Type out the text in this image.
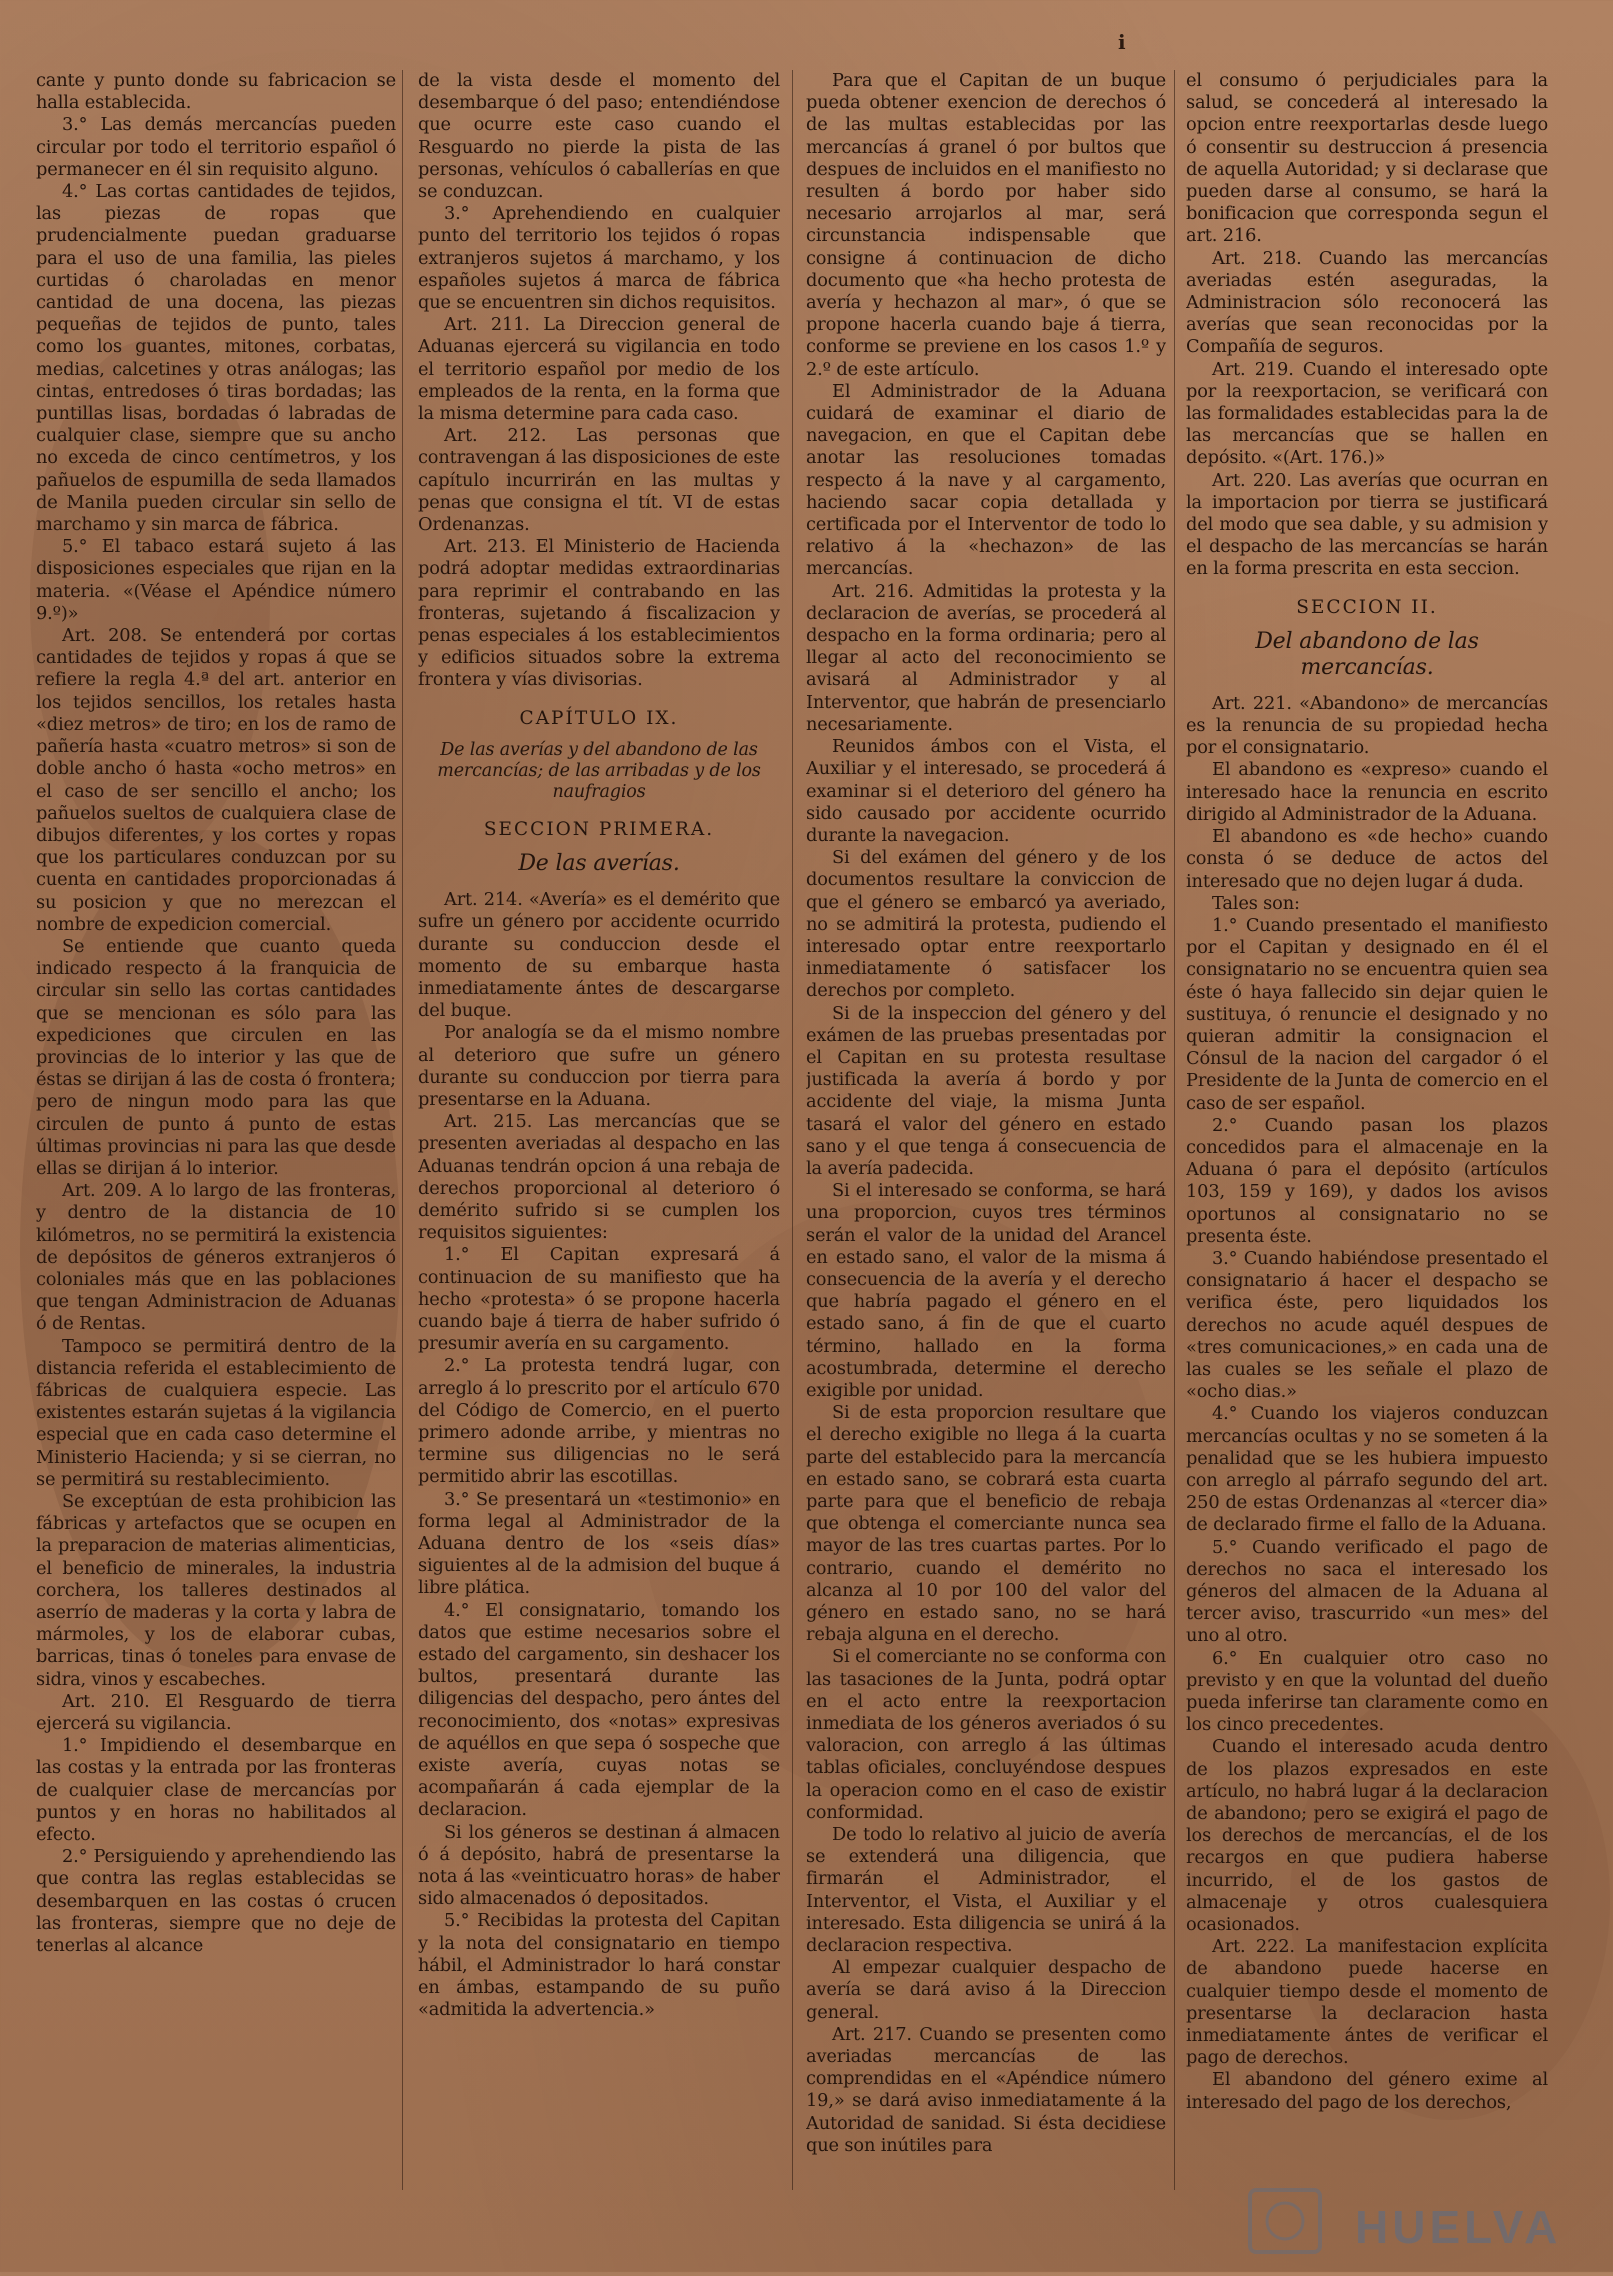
i

cante y punto donde su fabricacion se halla establecida.

3.° Las demás mercancías pueden circular por todo el territorio español ó permanecer en él sin requisito alguno.

4.° Las cortas cantidades de tejidos, las piezas de ropas que prudencialmente puedan graduarse para el uso de una familia, las pieles curtidas ó charoladas en menor cantidad de una docena, las piezas pequeñas de tejidos de punto, tales como los guantes, mitones, corbatas, medias, calcetines y otras análogas; las cintas, entredoses ó tiras bordadas; las puntillas lisas, bordadas ó labradas de cualquier clase, siempre que su ancho no exceda de cinco centímetros, y los pañuelos de espumilla de seda llamados de Manila pueden circular sin sello de marchamo y sin marca de fábrica.

5.° El tabaco estará sujeto á las disposiciones especiales que rijan en la materia. «(Véase el Apéndice número 9.º)»

Art. 208. Se entenderá por cortas cantidades de tejidos y ropas á que se refiere la regla 4.ª del art. anterior en los tejidos sencillos, los retales hasta «diez metros» de tiro; en los de ramo de pañería hasta «cuatro metros» si son de doble ancho ó hasta «ocho metros» en el caso de ser sencillo el ancho; los pañuelos sueltos de cualquiera clase de dibujos diferentes, y los cortes y ropas que los particulares conduzcan por su cuenta en cantidades proporcionadas á su posicion y que no merezcan el nombre de expedicion comercial.

Se entiende que cuanto queda indicado respecto á la franquicia de circular sin sello las cortas cantidades que se mencionan es sólo para las expediciones que circulen en las provincias de lo interior y las que de éstas se dirijan á las de costa ó frontera; pero de ningun modo para las que circulen de punto á punto de estas últimas provincias ni para las que desde ellas se dirijan á lo interior.

Art. 209. A lo largo de las fronteras, y dentro de la distancia de 10 kilómetros, no se permitirá la existencia de depósitos de géneros extranjeros ó coloniales más que en las poblaciones que tengan Administracion de Aduanas ó de Rentas.

Tampoco se permitirá dentro de la distancia referida el establecimiento de fábricas de cualquiera especie. Las existentes estarán sujetas á la vigilancia especial que en cada caso determine el Ministerio Hacienda; y si se cierran, no se permitirá su restablecimiento.

Se exceptúan de esta prohibicion las fábricas y artefactos que se ocupen en la preparacion de materias alimenticias, el beneficio de minerales, la industria corchera, los talleres destinados al aserrío de maderas y la corta y labra de mármoles, y los de elaborar cubas, barricas, tinas ó toneles para envase de sidra, vinos y escabeches.

Art. 210. El Resguardo de tierra ejercerá su vigilancia.

1.° Impidiendo el desembarque en las costas y la entrada por las fronteras de cualquier clase de mercancías por puntos y en horas no habilitados al efecto.

2.° Persiguiendo y aprehendiendo las que contra las reglas establecidas se desembarquen en las costas ó crucen las fronteras, siempre que no deje de tenerlas al alcance

de la vista desde el momento del desembarque ó del paso; entendiéndose que ocurre este caso cuando el Resguardo no pierde la pista de las personas, vehículos ó caballerías en que se conduzcan.

3.° Aprehendiendo en cualquier punto del territorio los tejidos ó ropas extranjeros sujetos á marchamo, y los españoles sujetos á marca de fábrica que se encuentren sin dichos requisitos.

Art. 211. La Direccion general de Aduanas ejercerá su vigilancia en todo el territorio español por medio de los empleados de la renta, en la forma que la misma determine para cada caso.

Art. 212. Las personas que contravengan á las disposiciones de este capítulo incurrirán en las multas y penas que consigna el tít. VI de estas Ordenanzas.

Art. 213. El Ministerio de Hacienda podrá adoptar medidas extraordinarias para reprimir el contrabando en las fronteras, sujetando á fiscalizacion y penas especiales á los establecimientos y edificios situados sobre la extrema frontera y vías divisorias.

CAPÍTULO IX.
De las averías y del abandono de las mercancías; de las arribadas y de los naufragios
SECCION PRIMERA.
De las averías.

Art. 214. «Avería» es el demérito que sufre un género por accidente ocurrido durante su conduccion desde el momento de su embarque hasta inmediatamente ántes de descargarse del buque.

Por analogía se da el mismo nombre al deterioro que sufre un género durante su conduccion por tierra para presentarse en la Aduana.

Art. 215. Las mercancías que se presenten averiadas al despacho en las Aduanas tendrán opcion á una rebaja de derechos proporcional al deterioro ó demérito sufrido si se cumplen los requisitos siguientes:

1.° El Capitan expresará á continuacion de su manifiesto que ha hecho «protesta» ó se propone hacerla cuando baje á tierra de haber sufrido ó presumir avería en su cargamento.

2.° La protesta tendrá lugar, con arreglo á lo prescrito por el artículo 670 del Código de Comercio, en el puerto primero adonde arribe, y mientras no termine sus diligencias no le será permitido abrir las escotillas.

3.° Se presentará un «testimonio» en forma legal al Administrador de la Aduana dentro de los «seis días» siguientes al de la admision del buque á libre plática.

4.° El consignatario, tomando los datos que estime necesarios sobre el estado del cargamento, sin deshacer los bultos, presentará durante las diligencias del despacho, pero ántes del reconocimiento, dos «notas» expresivas de aquéllos en que sepa ó sospeche que existe avería, cuyas notas se acompañarán á cada ejemplar de la declaracion.

Si los géneros se destinan á almacen ó á depósito, habrá de presentarse la nota á las «veinticuatro horas» de haber sido almacenados ó depositados.

5.° Recibidas la protesta del Capitan y la nota del consignatario en tiempo hábil, el Administrador lo hará constar en ámbas, estampando de su puño «admitida la advertencia.»

Para que el Capitan de un buque pueda obtener exencion de derechos ó de las multas establecidas por las mercancías á granel ó por bultos que despues de incluidos en el manifiesto no resulten á bordo por haber sido necesario arrojarlos al mar, será circunstancia indispensable que consigne á continuacion de dicho documento que «ha hecho protesta de avería y hechazon al mar», ó que se propone hacerla cuando baje á tierra, conforme se previene en los casos 1.º y 2.º de este artículo.

El Administrador de la Aduana cuidará de examinar el diario de navegacion, en que el Capitan debe anotar las resoluciones tomadas respecto á la nave y al cargamento, haciendo sacar copia detallada y certificada por el Interventor de todo lo relativo á la «hechazon» de las mercancías.

Art. 216. Admitidas la protesta y la declaracion de averías, se procederá al despacho en la forma ordinaria; pero al llegar al acto del reconocimiento se avisará al Administrador y al Interventor, que habrán de presenciarlo necesariamente.

Reunidos ámbos con el Vista, el Auxiliar y el interesado, se procederá á examinar si el deterioro del género ha sido causado por accidente ocurrido durante la navegacion.

Si del exámen del género y de los documentos resultare la conviccion de que el género se embarcó ya averiado, no se admitirá la protesta, pudiendo el interesado optar entre reexportarlo inmediatamente ó satisfacer los derechos por completo.

Si de la inspeccion del género y del exámen de las pruebas presentadas por el Capitan en su protesta resultase justificada la avería á bordo y por accidente del viaje, la misma Junta tasará el valor del género en estado sano y el que tenga á consecuencia de la avería padecida.

Si el interesado se conforma, se hará una proporcion, cuyos tres términos serán el valor de la unidad del Arancel en estado sano, el valor de la misma á consecuencia de la avería y el derecho que habría pagado el género en el estado sano, á fin de que el cuarto término, hallado en la forma acostumbrada, determine el derecho exigible por unidad.

Si de esta proporcion resultare que el derecho exigible no llega á la cuarta parte del establecido para la mercancía en estado sano, se cobrará esta cuarta parte para que el beneficio de rebaja que obtenga el comerciante nunca sea mayor de las tres cuartas partes. Por lo contrario, cuando el demérito no alcanza al 10 por 100 del valor del género en estado sano, no se hará rebaja alguna en el derecho.

Si el comerciante no se conforma con las tasaciones de la Junta, podrá optar en el acto entre la reexportacion inmediata de los géneros averiados ó su valoracion, con arreglo á las últimas tablas oficiales, concluyéndose despues la operacion como en el caso de existir conformidad.

De todo lo relativo al juicio de avería se extenderá una diligencia, que firmarán el Administrador, el Interventor, el Vista, el Auxiliar y el interesado. Esta diligencia se unirá á la declaracion respectiva.

Al empezar cualquier despacho de avería se dará aviso á la Direccion general.

Art. 217. Cuando se presenten como averiadas mercancías de las comprendidas en el «Apéndice número 19,» se dará aviso inmediatamente á la Autoridad de sanidad. Si ésta decidiese que son inútiles para

el consumo ó perjudiciales para la salud, se concederá al interesado la opcion entre reexportarlas desde luego ó consentir su destruccion á presencia de aquella Autoridad; y si declarase que pueden darse al consumo, se hará la bonificacion que corresponda segun el art. 216.

Art. 218. Cuando las mercancías averiadas estén aseguradas, la Administracion sólo reconocerá las averías que sean reconocidas por la Compañía de seguros.

Art. 219. Cuando el interesado opte por la reexportacion, se verificará con las formalidades establecidas para la de las mercancías que se hallen en depósito. «(Art. 176.)»

Art. 220. Las averías que ocurran en la importacion por tierra se justificará del modo que sea dable, y su admision y el despacho de las mercancías se harán en la forma prescrita en esta seccion.

SECCION II.
Del abandono de las mercancías.

Art. 221. «Abandono» de mercancías es la renuncia de su propiedad hecha por el consignatario.

El abandono es «expreso» cuando el interesado hace la renuncia en escrito dirigido al Administrador de la Aduana.

El abandono es «de hecho» cuando consta ó se deduce de actos del interesado que no dejen lugar á duda.

Tales son:

1.° Cuando presentado el manifiesto por el Capitan y designado en él el consignatario no se encuentra quien sea éste ó haya fallecido sin dejar quien le sustituya, ó renuncie el designado y no quieran admitir la consignacion el Cónsul de la nacion del cargador ó el Presidente de la Junta de comercio en el caso de ser español.

2.° Cuando pasan los plazos concedidos para el almacenaje en la Aduana ó para el depósito (artículos 103, 159 y 169), y dados los avisos oportunos al consignatario no se presenta éste.

3.° Cuando habiéndose presentado el consignatario á hacer el despacho se verifica éste, pero liquidados los derechos no acude aquél despues de «tres comunicaciones,» en cada una de las cuales se les señale el plazo de «ocho dias.»

4.° Cuando los viajeros conduzcan mercancías ocultas y no se someten á la penalidad que se les hubiera impuesto con arreglo al párrafo segundo del art. 250 de estas Ordenanzas al «tercer dia» de declarado firme el fallo de la Aduana.

5.° Cuando verificado el pago de derechos no saca el interesado los géneros del almacen de la Aduana al tercer aviso, trascurrido «un mes» del uno al otro.

6.° En cualquier otro caso no previsto y en que la voluntad del dueño pueda inferirse tan claramente como en los cinco precedentes.

Cuando el interesado acuda dentro de los plazos expresados en este artículo, no habrá lugar á la declaracion de abandono; pero se exigirá el pago de los derechos de mercancías, el de los recargos en que pudiera haberse incurrido, el de los gastos de almacenaje y otros cualesquiera ocasionados.

Art. 222. La manifestacion explícita de abandono puede hacerse en cualquier tiempo desde el momento de presentarse la declaracion hasta inmediatamente ántes de verificar el pago de derechos.

El abandono del género exime al interesado del pago de los derechos,

HUELVA
